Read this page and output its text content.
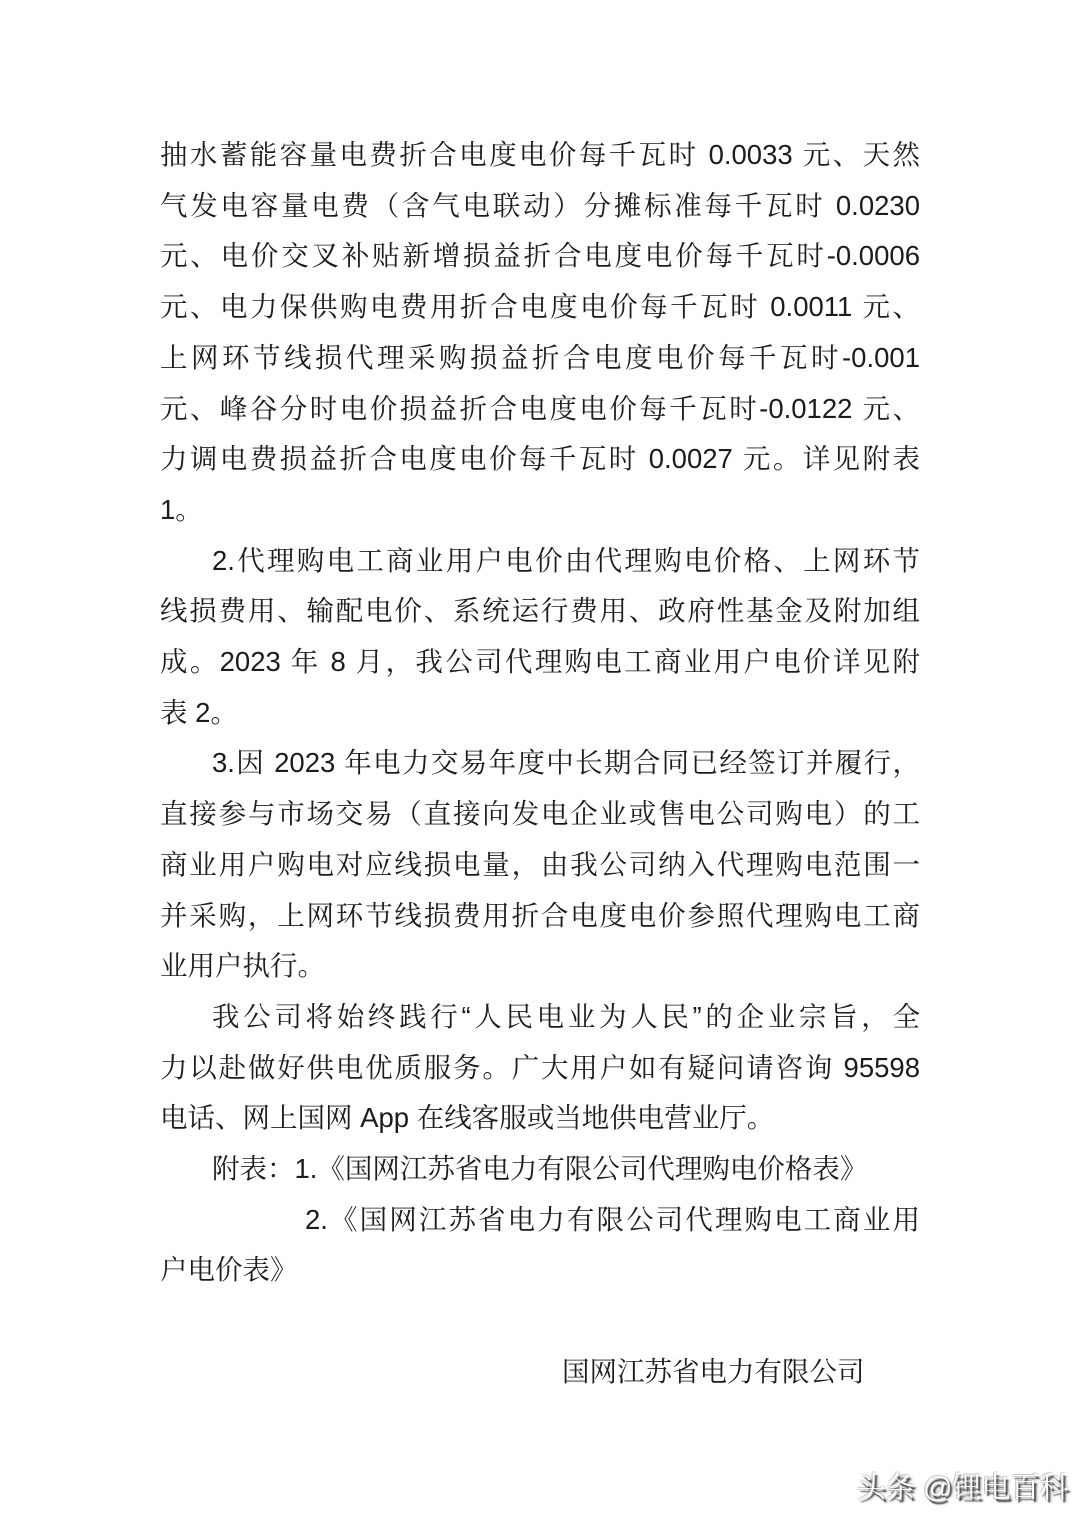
抽水蓄能容量电费折合电度电价每千瓦时 0.0033 元、天然
气发电容量电费（含气电联动）分摊标准每千瓦时 0.0230
元、电价交叉补贴新增损益折合电度电价每千瓦时-0.0006
元、电力保供购电费用折合电度电价每千瓦时 0.0011 元、
上网环节线损代理采购损益折合电度电价每千瓦时-0.001
元、峰谷分时电价损益折合电度电价每千瓦时-0.0122 元、
力调电费损益折合电度电价每千瓦时 0.0027 元。详见附表
1。
2.代理购电工商业用户电价由代理购电价格、上网环节
线损费用、输配电价、系统运行费用、政府性基金及附加组
成。2023 年 8 月，我公司代理购电工商业用户电价详见附
表 2。
3.因 2023 年电力交易年度中长期合同已经签订并履行，
直接参与市场交易（直接向发电企业或售电公司购电）的工
商业用户购电对应线损电量，由我公司纳入代理购电范围一
并采购，上网环节线损费用折合电度电价参照代理购电工商
业用户执行。
我公司将始终践行“人民电业为人民”的企业宗旨，全
力以赴做好供电优质服务。广大用户如有疑问请咨询 95598
电话、网上国网 App 在线客服或当地供电营业厅。
附表：1.《国网江苏省电力有限公司代理购电价格表》
2.《国网江苏省电力有限公司代理购电工商业用
户电价表》
国网江苏省电力有限公司
头条 @锂电百科
